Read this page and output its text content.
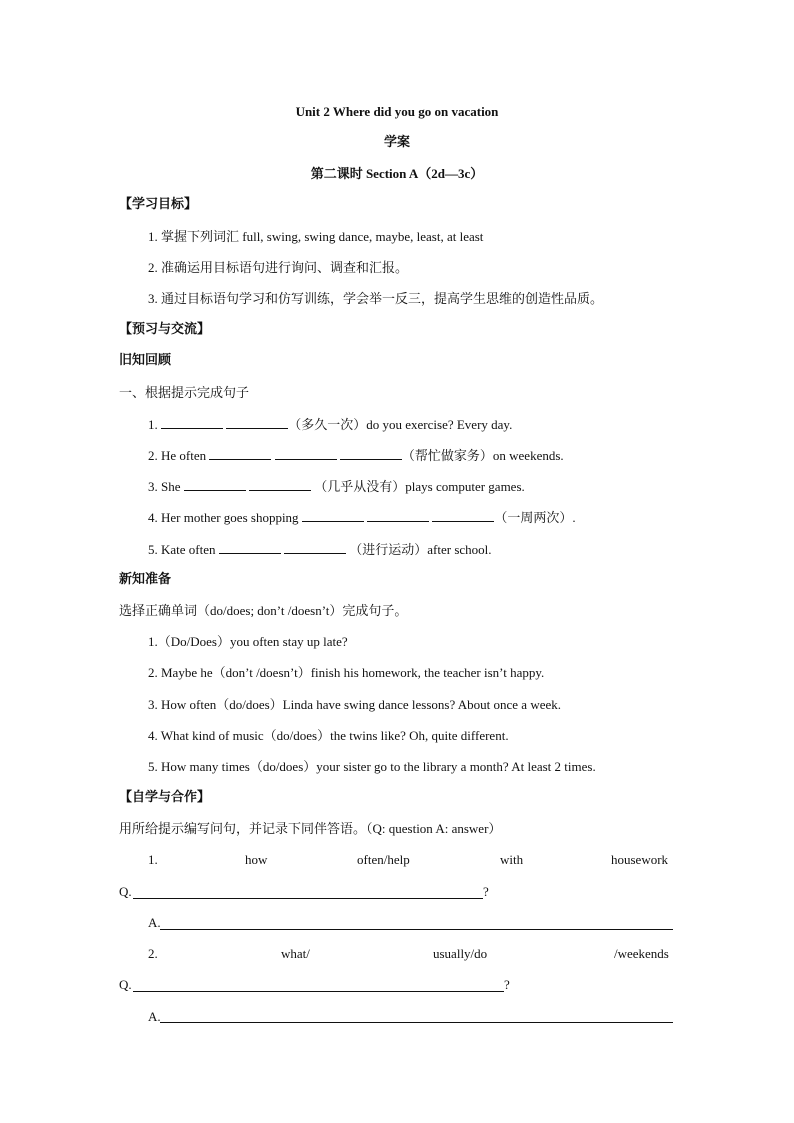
Unit 2 Where did you go on vacation
学案
第二课时 Section A（2d—3c）
【学习目标】
1. 掌握下列词汇 full, swing, swing dance, maybe, least, at least
2. 准确运用目标语句进行询问、调查和汇报。
3. 通过目标语句学习和仿写训练，学会举一反三，提高学生思维的创造性品质。
【预习与交流】
旧知回顾
一、根据提示完成句子
1.	（多久一次）do you exercise? Every day.
2. He often	（帮忙做家务）on weekends.
3. She	（几乎从没有）plays computer games.
4. Her mother goes shopping	（一周两次）.
5. Kate often	（进行运动）after school.
新知准备
选择正确单词（do/does; don’t /doesn’t）完成句子。
1.（Do/Does）you often stay up late?
2. Maybe he（don’t /doesn’t）finish his homework, the teacher isn’t happy.
3. How often（do/does）Linda have swing dance lessons? About once a week.
4. What kind of music（do/does）the twins like? Oh, quite different.
5. How many times（do/does）your sister go to the library a month? At least 2 times.
【自学与合作】
用所给提示编写问句，并记录下同伴答语。（Q: question A: answer）
1.	how	often/help	with	housework
Q.	?
A.
2.	what/	usually/do	/weekends
Q.	?
A.
